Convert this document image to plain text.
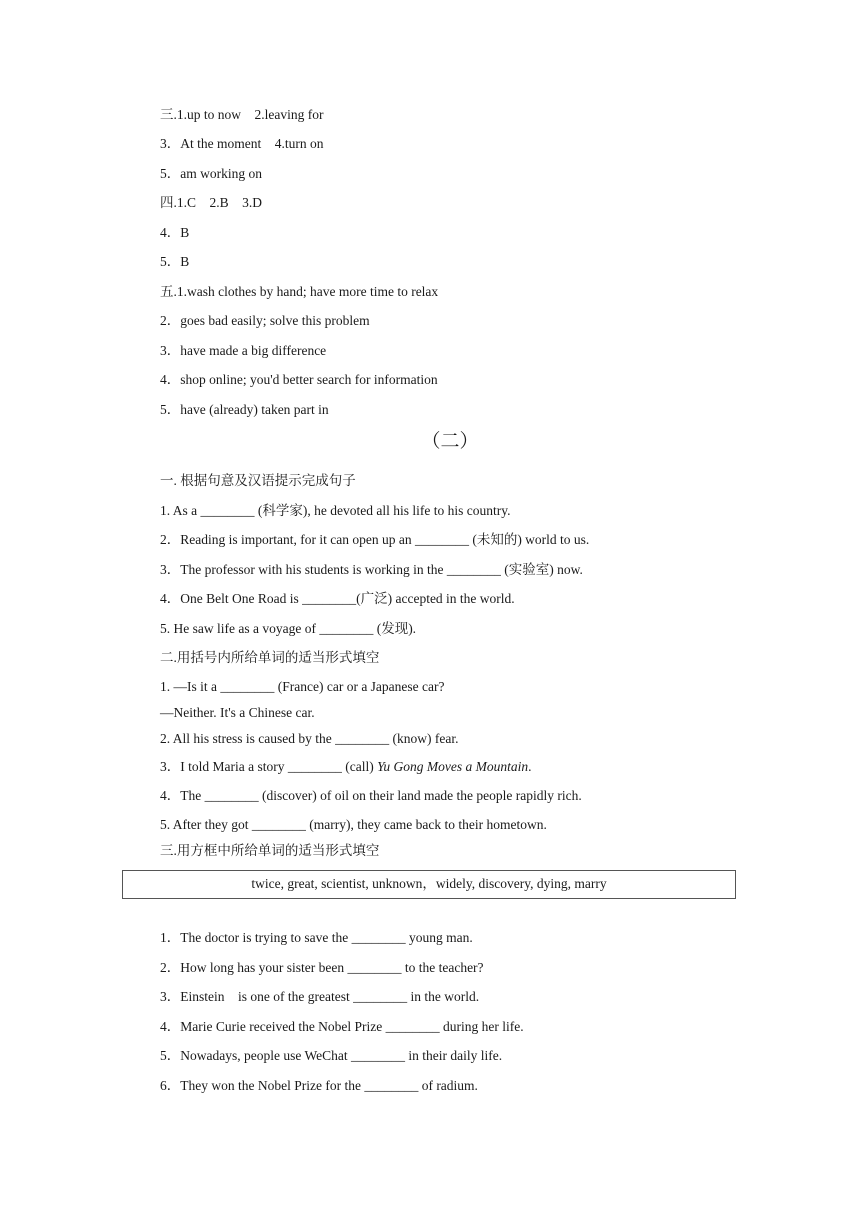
三.1.up to now　2.leaving for
3．At the moment　4.turn on
5．am working on
四.1.C　2.B　3.D
4．B
5．B
五.1.wash clothes by hand; have more time to relax
2．goes bad easily; solve this problem
3．have made a big difference
4．shop online; you'd better search for information
5．have (already) taken part in
（二）
一. 根据句意及汉语提示完成句子
1. As a ________ (科学家), he devoted all his life to his country.
2．Reading is important, for it can open up an ________ (未知的) world to us.
3．The professor with his students is working in the ________ (实验室) now.
4．One Belt One Road is ________(广泛) accepted in the world.
5. He saw life as a voyage of ________ (发现).
二.用括号内所给单词的适当形式填空
1. —Is it a ________ (France) car or a Japanese car?
—Neither. It's a Chinese car.
2. All his stress is caused by the ________ (know) fear.
3．I told Maria a story ________ (call) Yu Gong Moves a Mountain.
4．The ________ (discover) of oil on their land made the people rapidly rich.
5. After they got ________ (marry), they came back to their hometown.
三.用方框中所给单词的适当形式填空
twice, great, scientist, unknown，widely, discovery, dying, marry
1．The doctor is trying to save the ________ young man.
2．How long has your sister been ________ to the teacher?
3．Einstein　is one of the greatest ________ in the world.
4．Marie Curie received the Nobel Prize ________ during her life.
5．Nowadays, people use WeChat ________ in their daily life.
6．They won the Nobel Prize for the ________ of radium.
